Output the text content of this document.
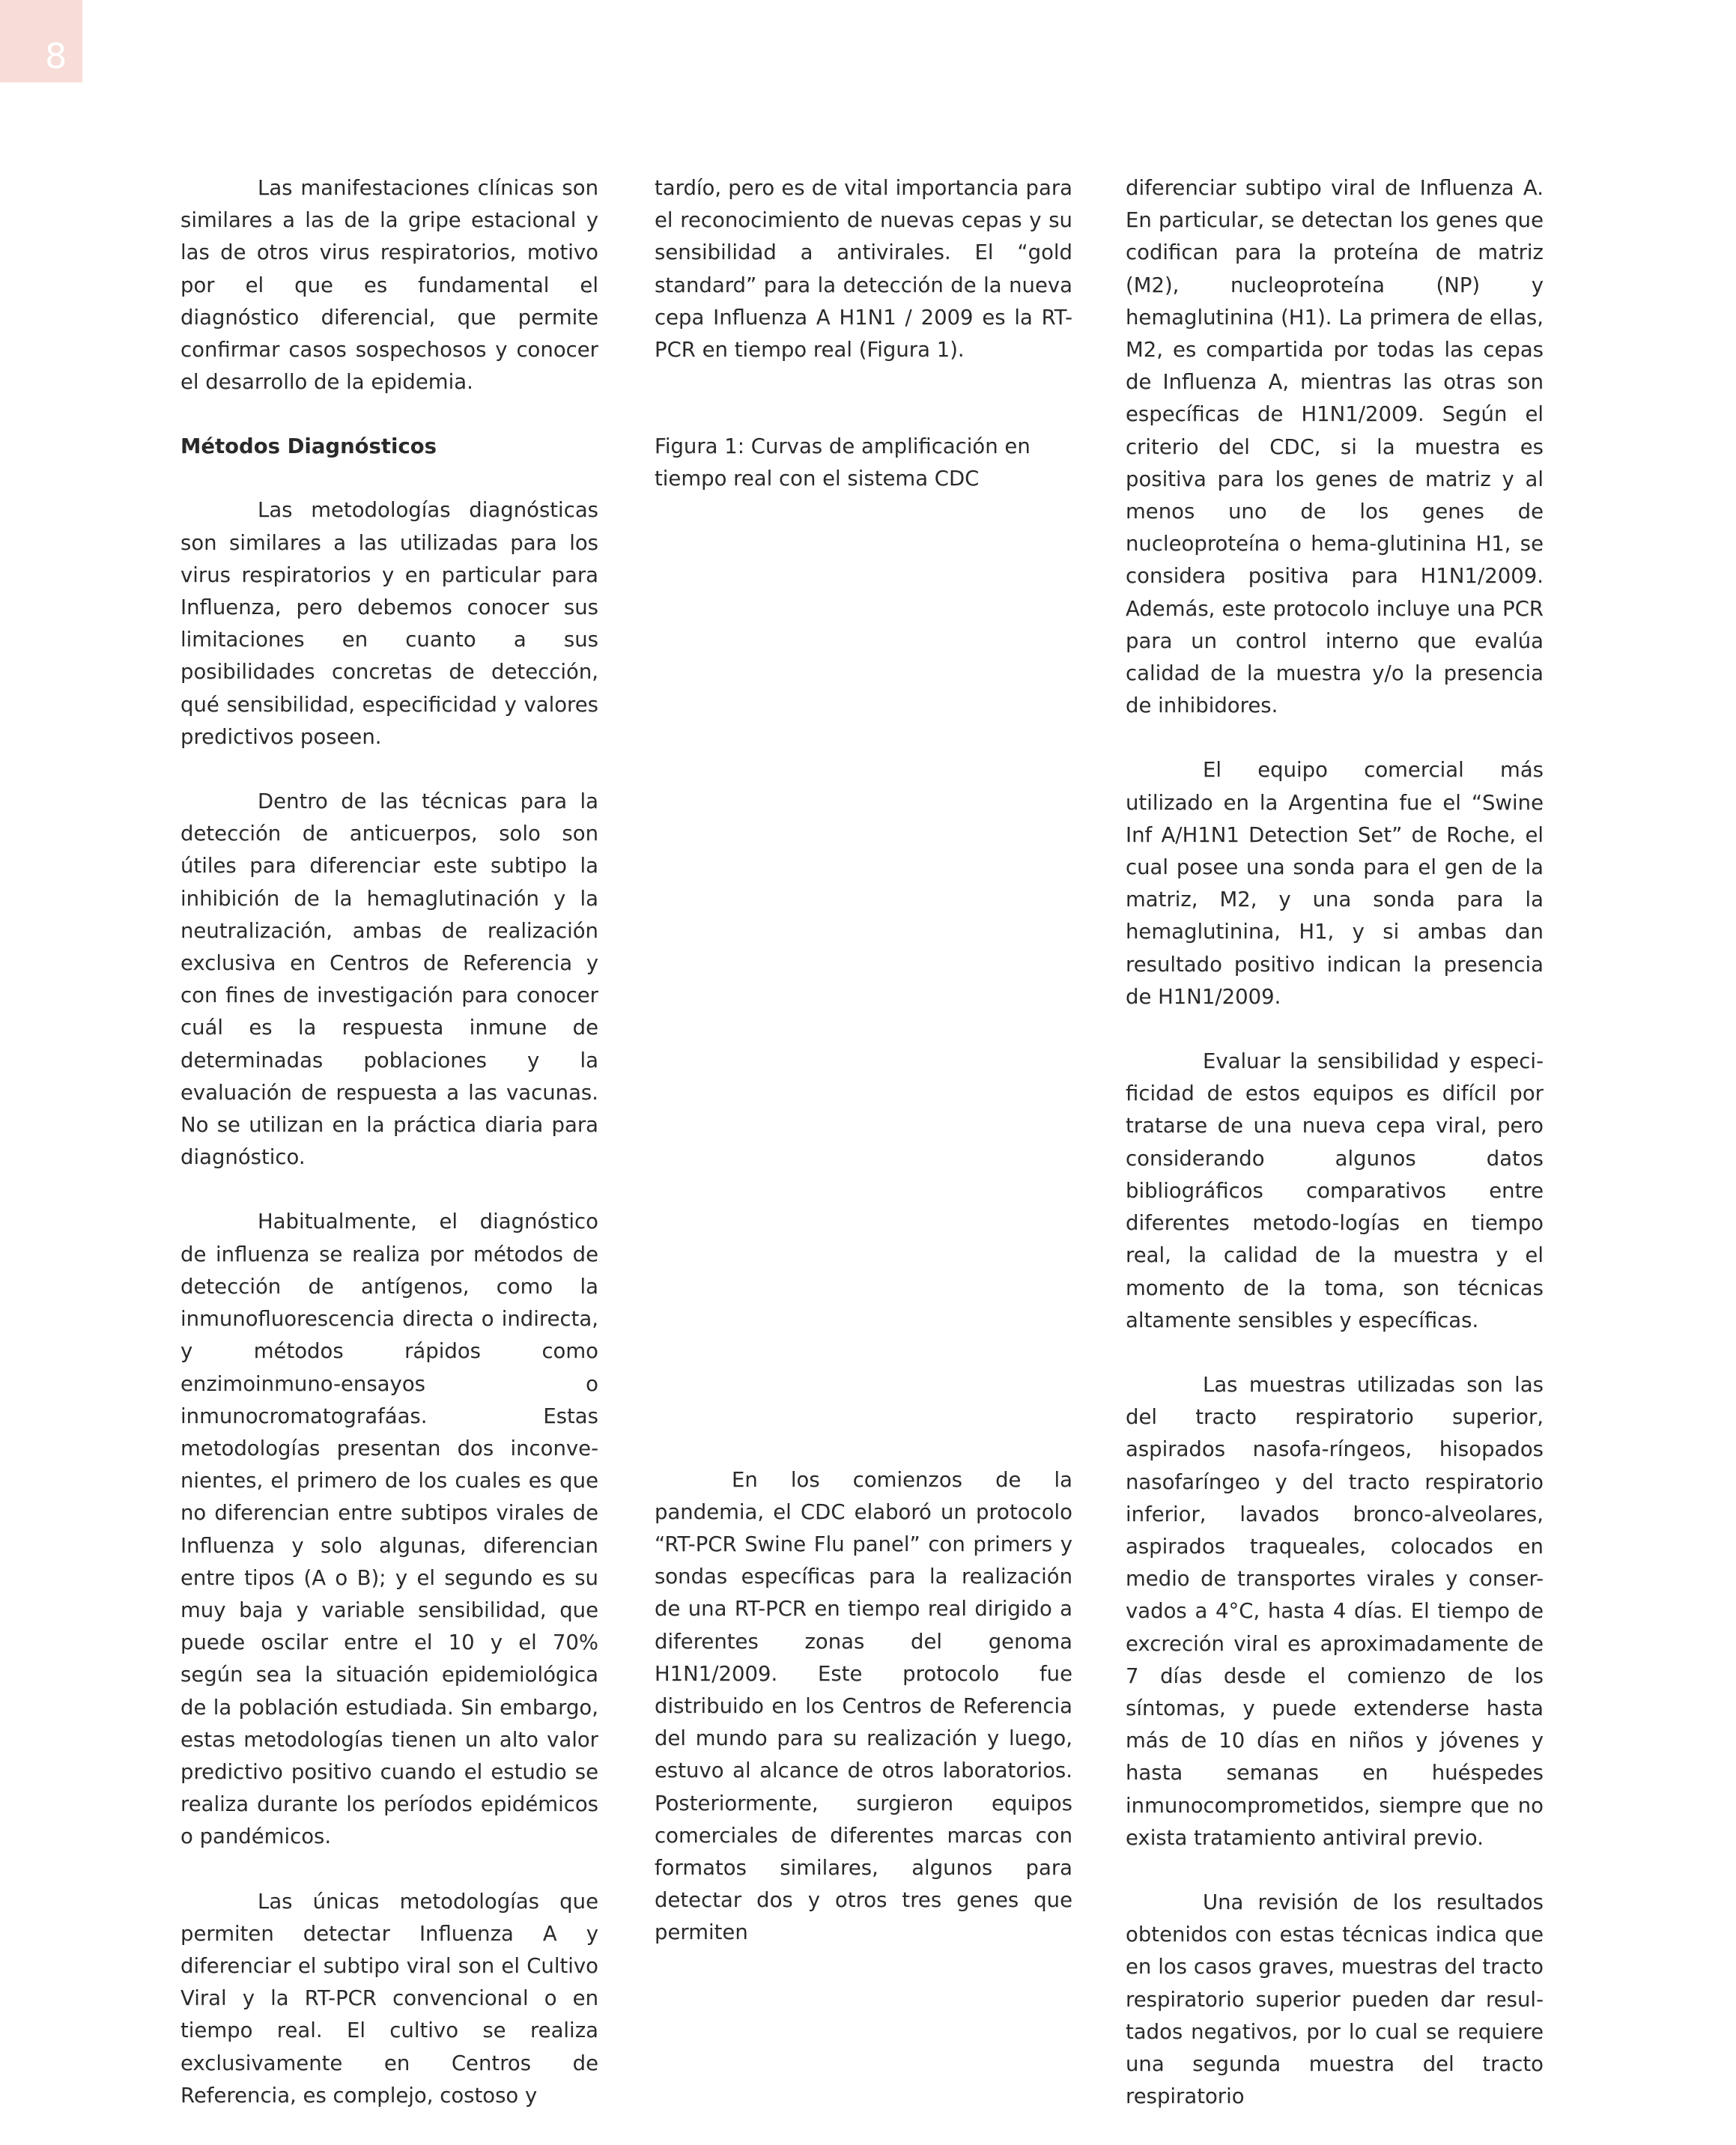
8

Las manifestaciones clínicas son similares a las de la gripe estacional y las de otros virus respiratorios, motivo por el que es fundamental el diagnóstico diferencial, que permite confirmar casos sospechosos y conocer el desarrollo de la epidemia.

Métodos Diagnósticos

Las metodologías diagnósticas son similares a las utilizadas para los virus respiratorios y en particular para Influenza, pero debemos conocer sus limitaciones en cuanto a sus posibilidades concretas de detección, qué sensibilidad, especificidad y valores predictivos poseen.

Dentro de las técnicas para la detección de anticuerpos, solo son útiles para diferenciar este subtipo la inhibición de la hemaglutinación y la neutralización, ambas de realización exclusiva en Centros de Referencia y con fines de investigación para conocer cuál es la respuesta inmune de determinadas poblaciones y la evaluación de respuesta a las vacunas. No se utilizan en la práctica diaria para diagnóstico.

Habitualmente, el diagnóstico de influenza se realiza por métodos de detección de antígenos, como la inmunofluorescencia directa o indirecta, y métodos rápidos como enzimoinmuno-ensayos o inmunocromatografáas. Estas metodologías presentan dos inconve-nientes, el primero de los cuales es que no diferencian entre subtipos virales de Influenza y solo algunas, diferencian entre tipos (A o B); y el segundo es su muy baja y variable sensibilidad, que puede oscilar entre el 10 y el 70% según sea la situación epidemiológica de la población estudiada. Sin embargo, estas metodologías tienen un alto valor predictivo positivo cuando el estudio se realiza durante los períodos epidémicos o pandémicos.

Las únicas metodologías que permiten detectar Influenza A y diferenciar el subtipo viral son el Cultivo Viral y la RT-PCR convencional o en tiempo real. El cultivo se realiza exclusivamente en Centros de Referencia, es complejo, costoso y

tardío, pero es de vital importancia para el reconocimiento de nuevas cepas y su sensibilidad a antivirales. El “gold standard” para la detección de la nueva cepa Influenza A H1N1 / 2009 es la RT-PCR en tiempo real (Figura 1).

Figura 1: Curvas de amplificación en tiempo real con el sistema CDC

En los comienzos de la pandemia, el CDC elaboró un protocolo “RT-PCR Swine Flu panel” con primers y sondas específicas para la realización de una RT-PCR en tiempo real dirigido a diferentes zonas del genoma H1N1/2009. Este protocolo fue distribuido en los Centros de Referencia del mundo para su realización y luego, estuvo al alcance de otros laboratorios. Posteriormente, surgieron equipos comerciales de diferentes marcas con formatos similares, algunos para detectar dos y otros tres genes que permiten

diferenciar subtipo viral de Influenza A. En particular, se detectan los genes que codifican para la proteína de matriz (M2), nucleoproteína (NP) y hemaglutinina (H1). La primera de ellas, M2, es compartida por todas las cepas de Influenza A, mientras las otras son específicas de H1N1/2009. Según el criterio del CDC, si la muestra es positiva para los genes de matriz y al menos uno de los genes de nucleoproteína o hema-glutinina H1, se considera positiva para H1N1/2009. Además, este protocolo incluye una PCR para un control interno que evalúa calidad de la muestra y/o la presencia de inhibidores.

El equipo comercial más utilizado en la Argentina fue el “Swine Inf A/H1N1 Detection Set” de Roche, el cual posee una sonda para el gen de la matriz, M2, y una sonda para la hemaglutinina, H1, y si ambas dan resultado positivo indican la presencia de H1N1/2009.

Evaluar la sensibilidad y especi-ficidad de estos equipos es difícil por tratarse de una nueva cepa viral, pero considerando algunos datos bibliográficos comparativos entre diferentes metodo-logías en tiempo real, la calidad de la muestra y el momento de la toma, son técnicas altamente sensibles y específicas.

Las muestras utilizadas son las del tracto respiratorio superior, aspirados nasofa-ríngeos, hisopados nasofaríngeo y del tracto respiratorio inferior, lavados bronco-alveolares, aspirados traqueales, colocados en medio de transportes virales y conser-vados a 4°C, hasta 4 días. El tiempo de excreción viral es aproximadamente de 7 días desde el comienzo de los síntomas, y puede extenderse hasta más de 10 días en niños y jóvenes y hasta semanas en huéspedes inmunocomprometidos, siempre que no exista tratamiento antiviral previo.

Una revisión de los resultados obtenidos con estas técnicas indica que en los casos graves, muestras del tracto respiratorio superior pueden dar resul-tados negativos, por lo cual se requiere una segunda muestra del tracto respiratorio
